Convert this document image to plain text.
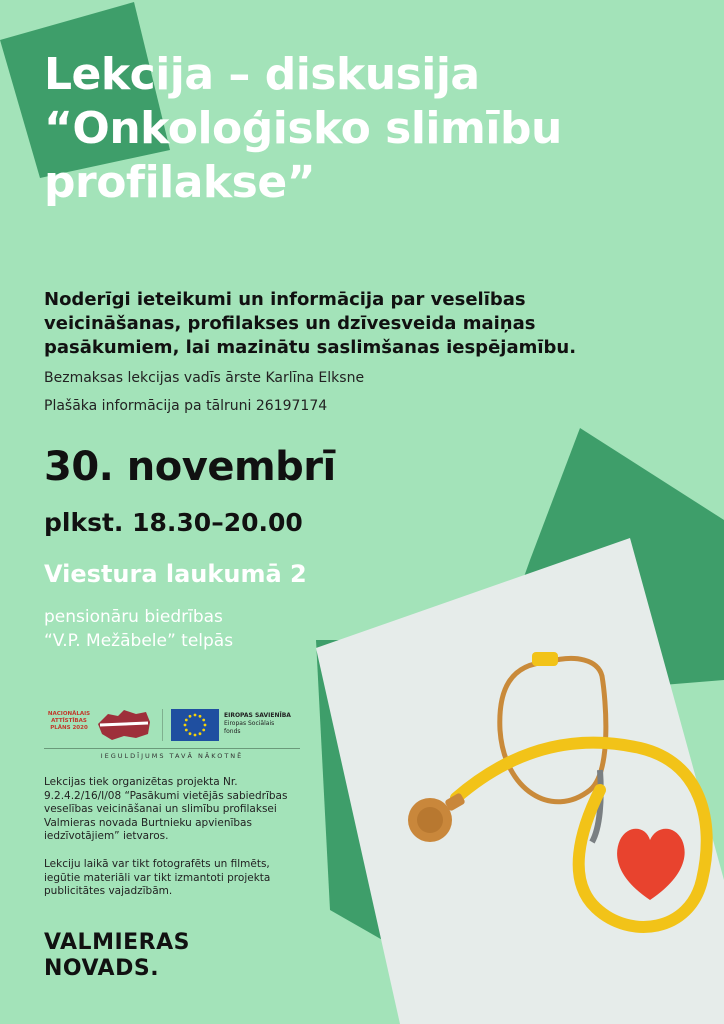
Lekcija – diskusija
“Onkoloģisko slimību
profilakse”

Noderīgi ieteikumi un informācija par veselības veicināšanas, profilakses un dzīvesveida maiņas pasākumiem, lai mazinātu saslimšanas iespējamību.

Bezmaksas lekcijas vadīs ārste Karlīna Elksne

Plašāka informācija pa tālruni 26197174

30. novembrī

plkst. 18.30–20.00

Viestura laukumā 2

pensionāru biedrības
“V.P. Mežābele” telpās

NACIONĀLAIS
ATTĪSTĪBAS
PLĀNS 2020
EIROPAS SAVIENĪBA
Eiropas Sociālais
fonds
IEGULDĪJUMS TAVĀ NĀKOTNĒ

Lekcijas tiek organizētas projekta Nr.
9.2.4.2/16/I/08 “Pasākumi vietējās sabiedrības
veselības veicināšanai un slimību profilaksei
Valmieras novada Burtnieku apvienības
iedzīvotājiem” ietvaros.

Lekciju laikā var tikt fotografēts un filmēts,
iegūtie materiāli var tikt izmantoti projekta
publicitātes vajadzībām.

VALMIERAS
NOVADS.
